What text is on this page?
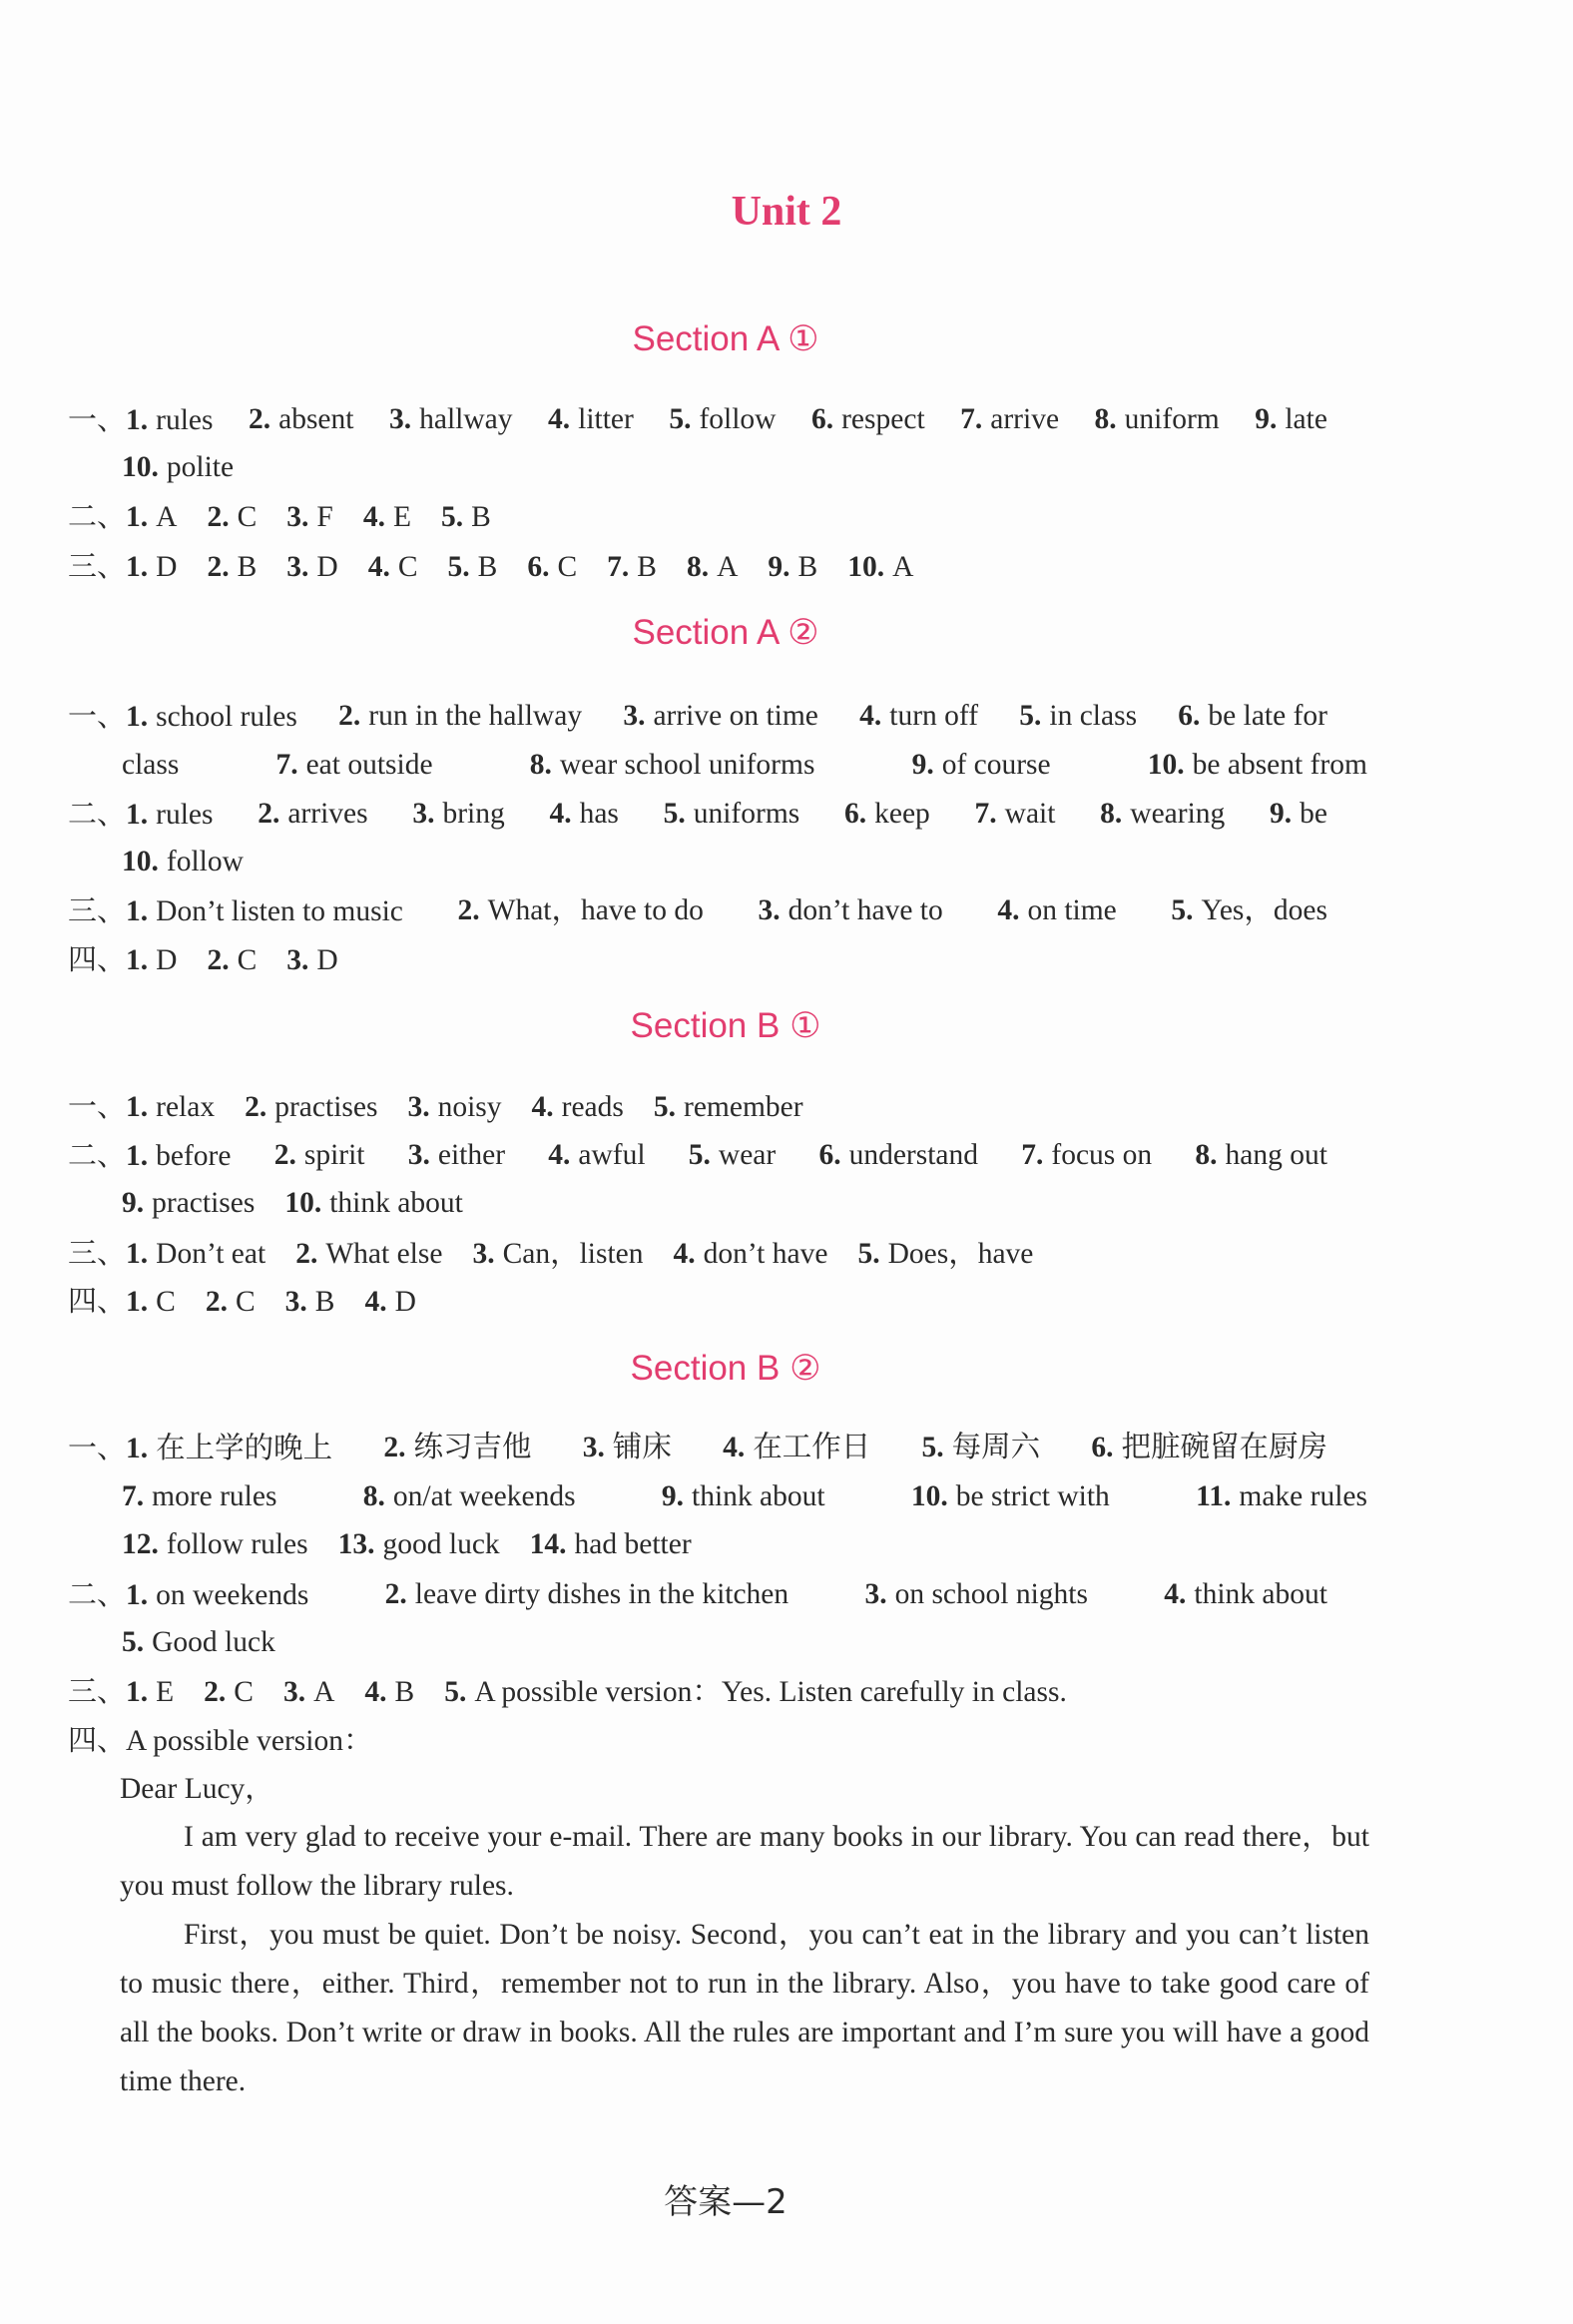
Unit 2
Section A ①
一、1. rules 2. absent 3. hallway 4. litter 5. follow 6. respect 7. arrive 8. uniform 9. late
10. polite
二、1. A 2. C 3. F 4. E 5. B
三、1. D 2. B 3. D 4. C 5. B 6. C 7. B 8. A 9. B 10. A
Section A ②
一、1. school rules 2. run in the hallway 3. arrive on time 4. turn off 5. in class 6. be late for
class	7. eat outside	8. wear school uniforms	9. of course	10. be absent from
二、1. rules 2. arrives 3. bring 4. has 5. uniforms 6. keep 7. wait 8. wearing 9. be
10. follow
三、1. Don’t listen to music 2. What，have to do 3. don’t have to 4. on time 5. Yes，does
四、1. D 2. C 3. D
Section B ①
一、1. relax 2. practises 3. noisy 4. reads 5. remember
二、1. before 2. spirit 3. either 4. awful 5. wear 6. understand 7. focus on 8. hang out
9. practises 10. think about
三、1. Don’t eat 2. What else 3. Can，listen 4. don’t have 5. Does，have
四、1. C 2. C 3. B 4. D
Section B ②
一、1. 在上学的晚上 2. 练习吉他 3. 铺床 4. 在工作日 5. 每周六 6. 把脏碗留在厨房
7. more rules	8. on/at weekends	9. think about	10. be strict with	11. make rules
12. follow rules 13. good luck 14. had better
二、1. on weekends	2. leave dirty dishes in the kitchen	3. on school nights	4. think about
5. Good luck
三、1. E 2. C 3. A 4. B 5. A possible version：Yes. Listen carefully in class.
四、A possible version：
Dear Lucy，
I am very glad to receive your e-mail. There are many books in our library. You can read there，but you must follow the library rules.
First，you must be quiet. Don’t be noisy. Second，you can’t eat in the library and you can’t listen to music there，either. Third，remember not to run in the library. Also，you have to take good care of all the books. Don’t write or draw in books. All the rules are important and I’m sure you will have a good time there.
答案—2
